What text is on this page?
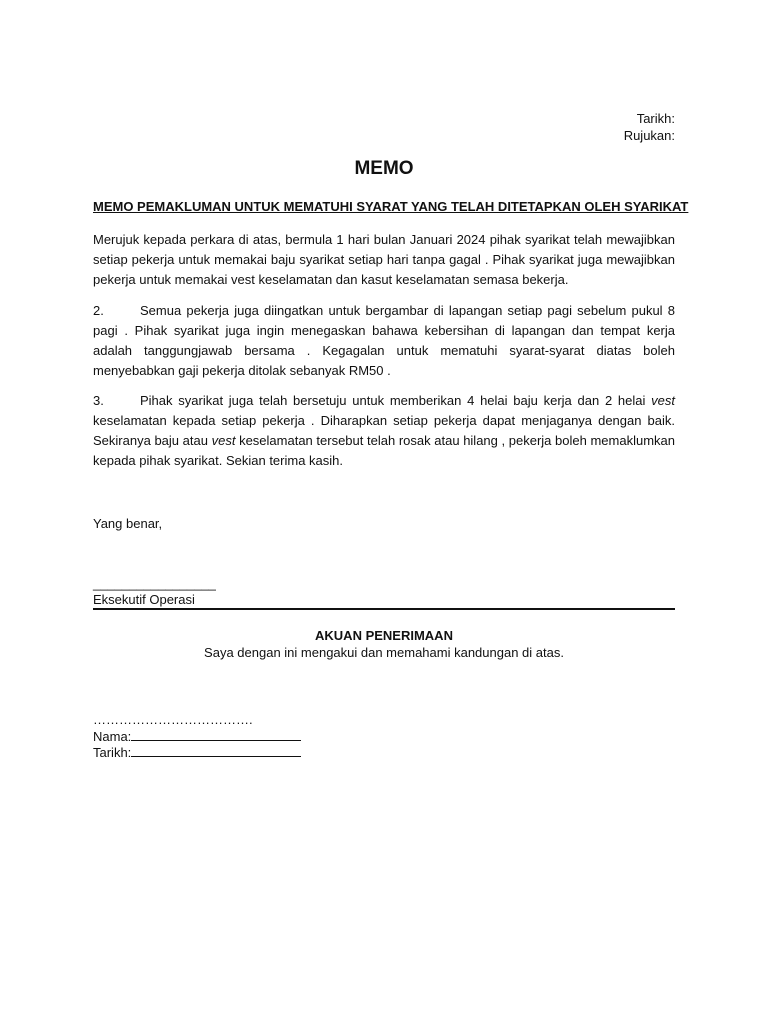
Tarikh:
Rujukan:
MEMO
MEMO PEMAKLUMAN UNTUK MEMATUHI SYARAT YANG TELAH DITETAPKAN OLEH SYARIKAT
Merujuk kepada perkara di atas, bermula 1 hari bulan Januari 2024 pihak syarikat telah mewajibkan setiap pekerja untuk memakai baju syarikat setiap hari tanpa gagal . Pihak syarikat juga mewajibkan pekerja untuk memakai vest keselamatan dan kasut keselamatan semasa bekerja.
2.	Semua pekerja juga diingatkan untuk bergambar di lapangan setiap pagi sebelum pukul 8 pagi . Pihak syarikat juga ingin menegaskan bahawa kebersihan di lapangan dan tempat kerja adalah tanggungjawab bersama . Kegagalan untuk mematuhi syarat-syarat diatas boleh menyebabkan gaji pekerja ditolak sebanyak RM50 .
3.	Pihak syarikat juga telah bersetuju untuk memberikan 4 helai baju kerja dan 2 helai vest keselamatan kepada setiap pekerja . Diharapkan setiap pekerja dapat menjaganya dengan baik. Sekiranya baju atau vest keselamatan tersebut telah rosak atau hilang , pekerja boleh memaklumkan kepada pihak syarikat. Sekian terima kasih.
Yang benar,
_________________
Eksekutif Operasi
AKUAN PENERIMAAN
Saya dengan ini mengakui dan memahami kandungan di atas.
……………………………….
Nama:
Tarikh:
